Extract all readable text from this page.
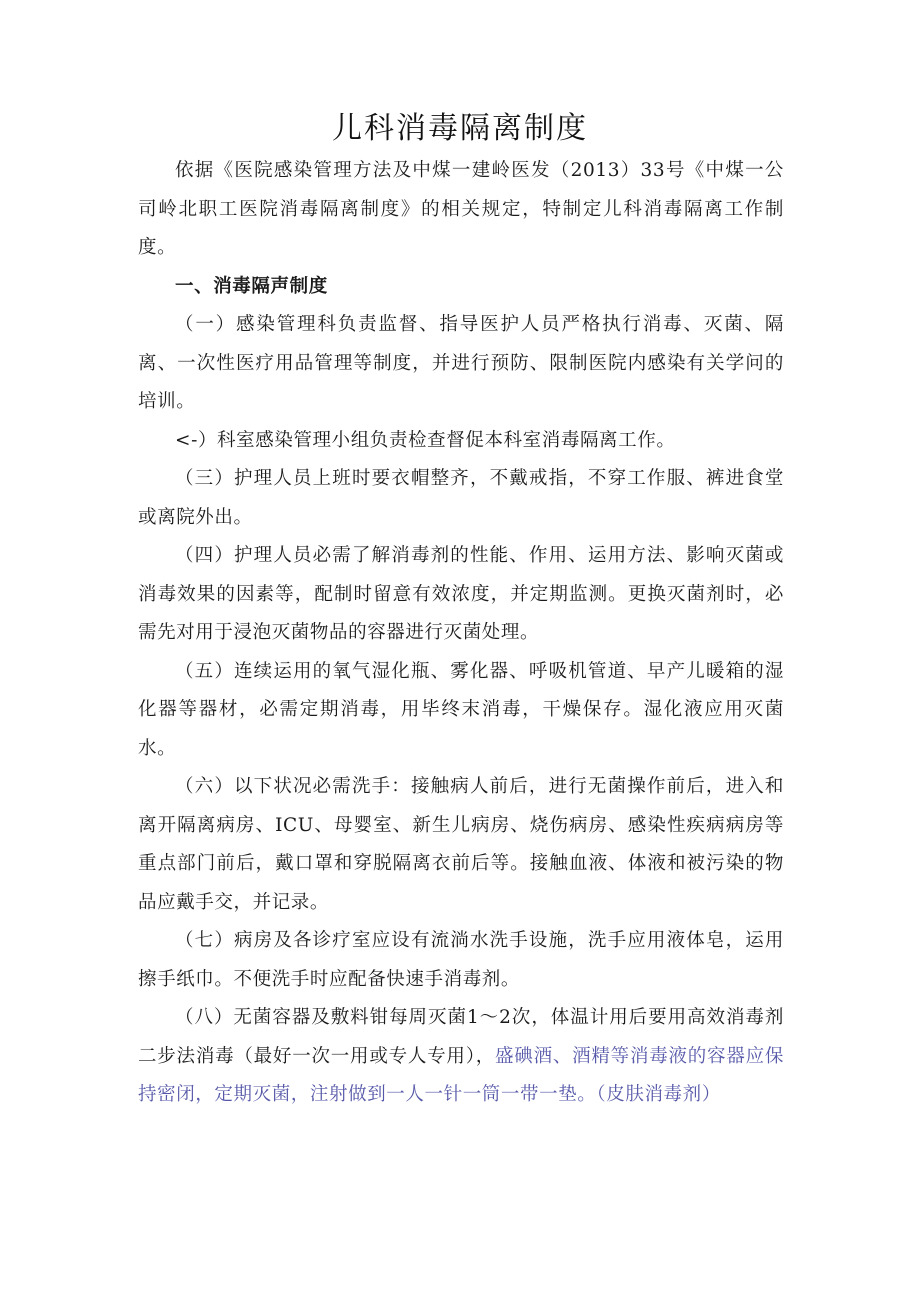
儿科消毒隔离制度

依据《医院感染管理方法及中煤一建岭医发（2013）33号《中煤一公司岭北职工医院消毒隔离制度》的相关规定，特制定儿科消毒隔离工作制度。

一、消毒隔声制度

（一）感染管理科负责监督、指导医护人员严格执行消毒、灭菌、隔离、一次性医疗用品管理等制度，并进行预防、限制医院内感染有关学问的培训。

<-）科室感染管理小组负责检查督促本科室消毒隔离工作。

（三）护理人员上班时要衣帽整齐，不戴戒指，不穿工作服、裤进食堂或离院外出。

（四）护理人员必需了解消毒剂的性能、作用、运用方法、影响灭菌或消毒效果的因素等，配制时留意有效浓度，并定期监测。更换灭菌剂时，必需先对用于浸泡灭菌物品的容器进行灭菌处理。

（五）连续运用的氧气湿化瓶、雾化器、呼吸机管道、早产儿暖箱的湿化器等器材，必需定期消毒，用毕终末消毒，干燥保存。湿化液应用灭菌水。

（六）以下状况必需洗手：接触病人前后，进行无菌操作前后，进入和离开隔离病房、ICU、母婴室、新生儿病房、烧伤病房、感染性疾病病房等重点部门前后，戴口罩和穿脱隔离衣前后等。接触血液、体液和被污染的物品应戴手交，并记录。

（七）病房及各诊疗室应设有流淌水洗手设施，洗手应用液体皂，运用擦手纸巾。不便洗手时应配备快速手消毒剂。

（八）无菌容器及敷料钳每周灭菌1～2次，体温计用后要用高效消毒剂二步法消毒（最好一次一用或专人专用），盛碘酒、酒精等消毒液的容器应保持密闭，定期灭菌，注射做到一人一针一筒一带一垫。（皮肤消毒剂）
